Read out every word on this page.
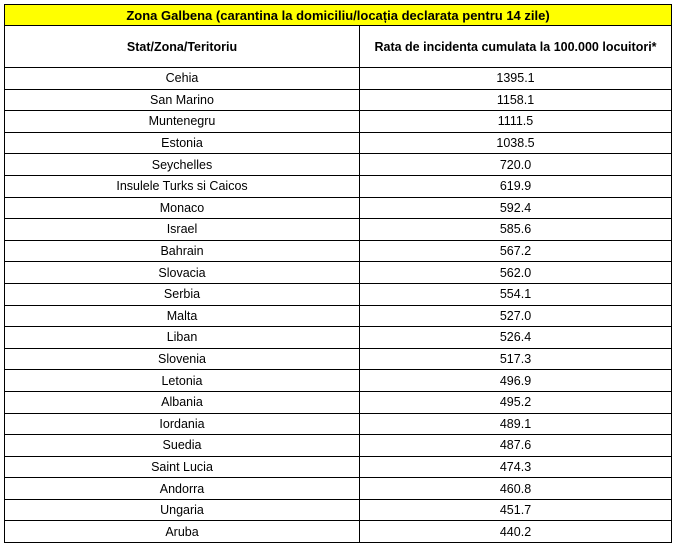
Zona Galbena (carantina la domiciliu/locația declarata pentru 14 zile)	
Stat/Zona/Teritoriu	Rata de incidenta cumulata la 100.000 locuitori*
Cehia	1395.1
San Marino	1158.1
Muntenegru	1111.5
Estonia	1038.5
Seychelles	720.0
Insulele Turks si Caicos	619.9
Monaco	592.4
Israel	585.6
Bahrain	567.2
Slovacia	562.0
Serbia	554.1
Malta	527.0
Liban	526.4
Slovenia	517.3
Letonia	496.9
Albania	495.2
Iordania	489.1
Suedia	487.6
Saint Lucia	474.3
Andorra	460.8
Ungaria	451.7
Aruba	440.2
